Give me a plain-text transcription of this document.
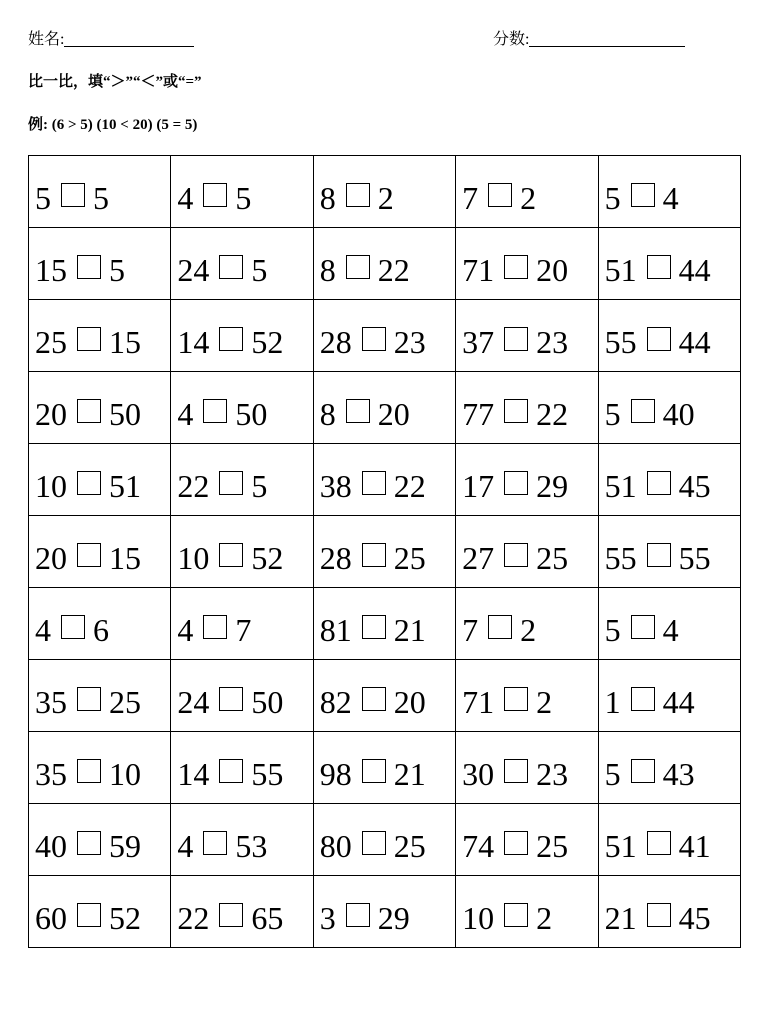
姓名:	分数:
比一比，填“＞”“＜”或“=”
例: (6 > 5) (10 < 20) (5 = 5)
5 5	4 5	8 2	7 2	5 4

15 5	24 5	8 22	71 20	51 44

25 15	14 52	28 23	37 23	55 44

20 50	4 50	8 20	77 22	5 40

10 51	22 5	38 22	17 29	51 45

20 15	10 52	28 25	27 25	55 55

4 6	4 7	81 21	7 2	5 4

35 25	24 50	82 20	71 2	1 44

35 10	14 55	98 21	30 23	5 43

40 59	4 53	80 25	74 25	51 41

60 52	22 65	3 29	10 2	21 45
